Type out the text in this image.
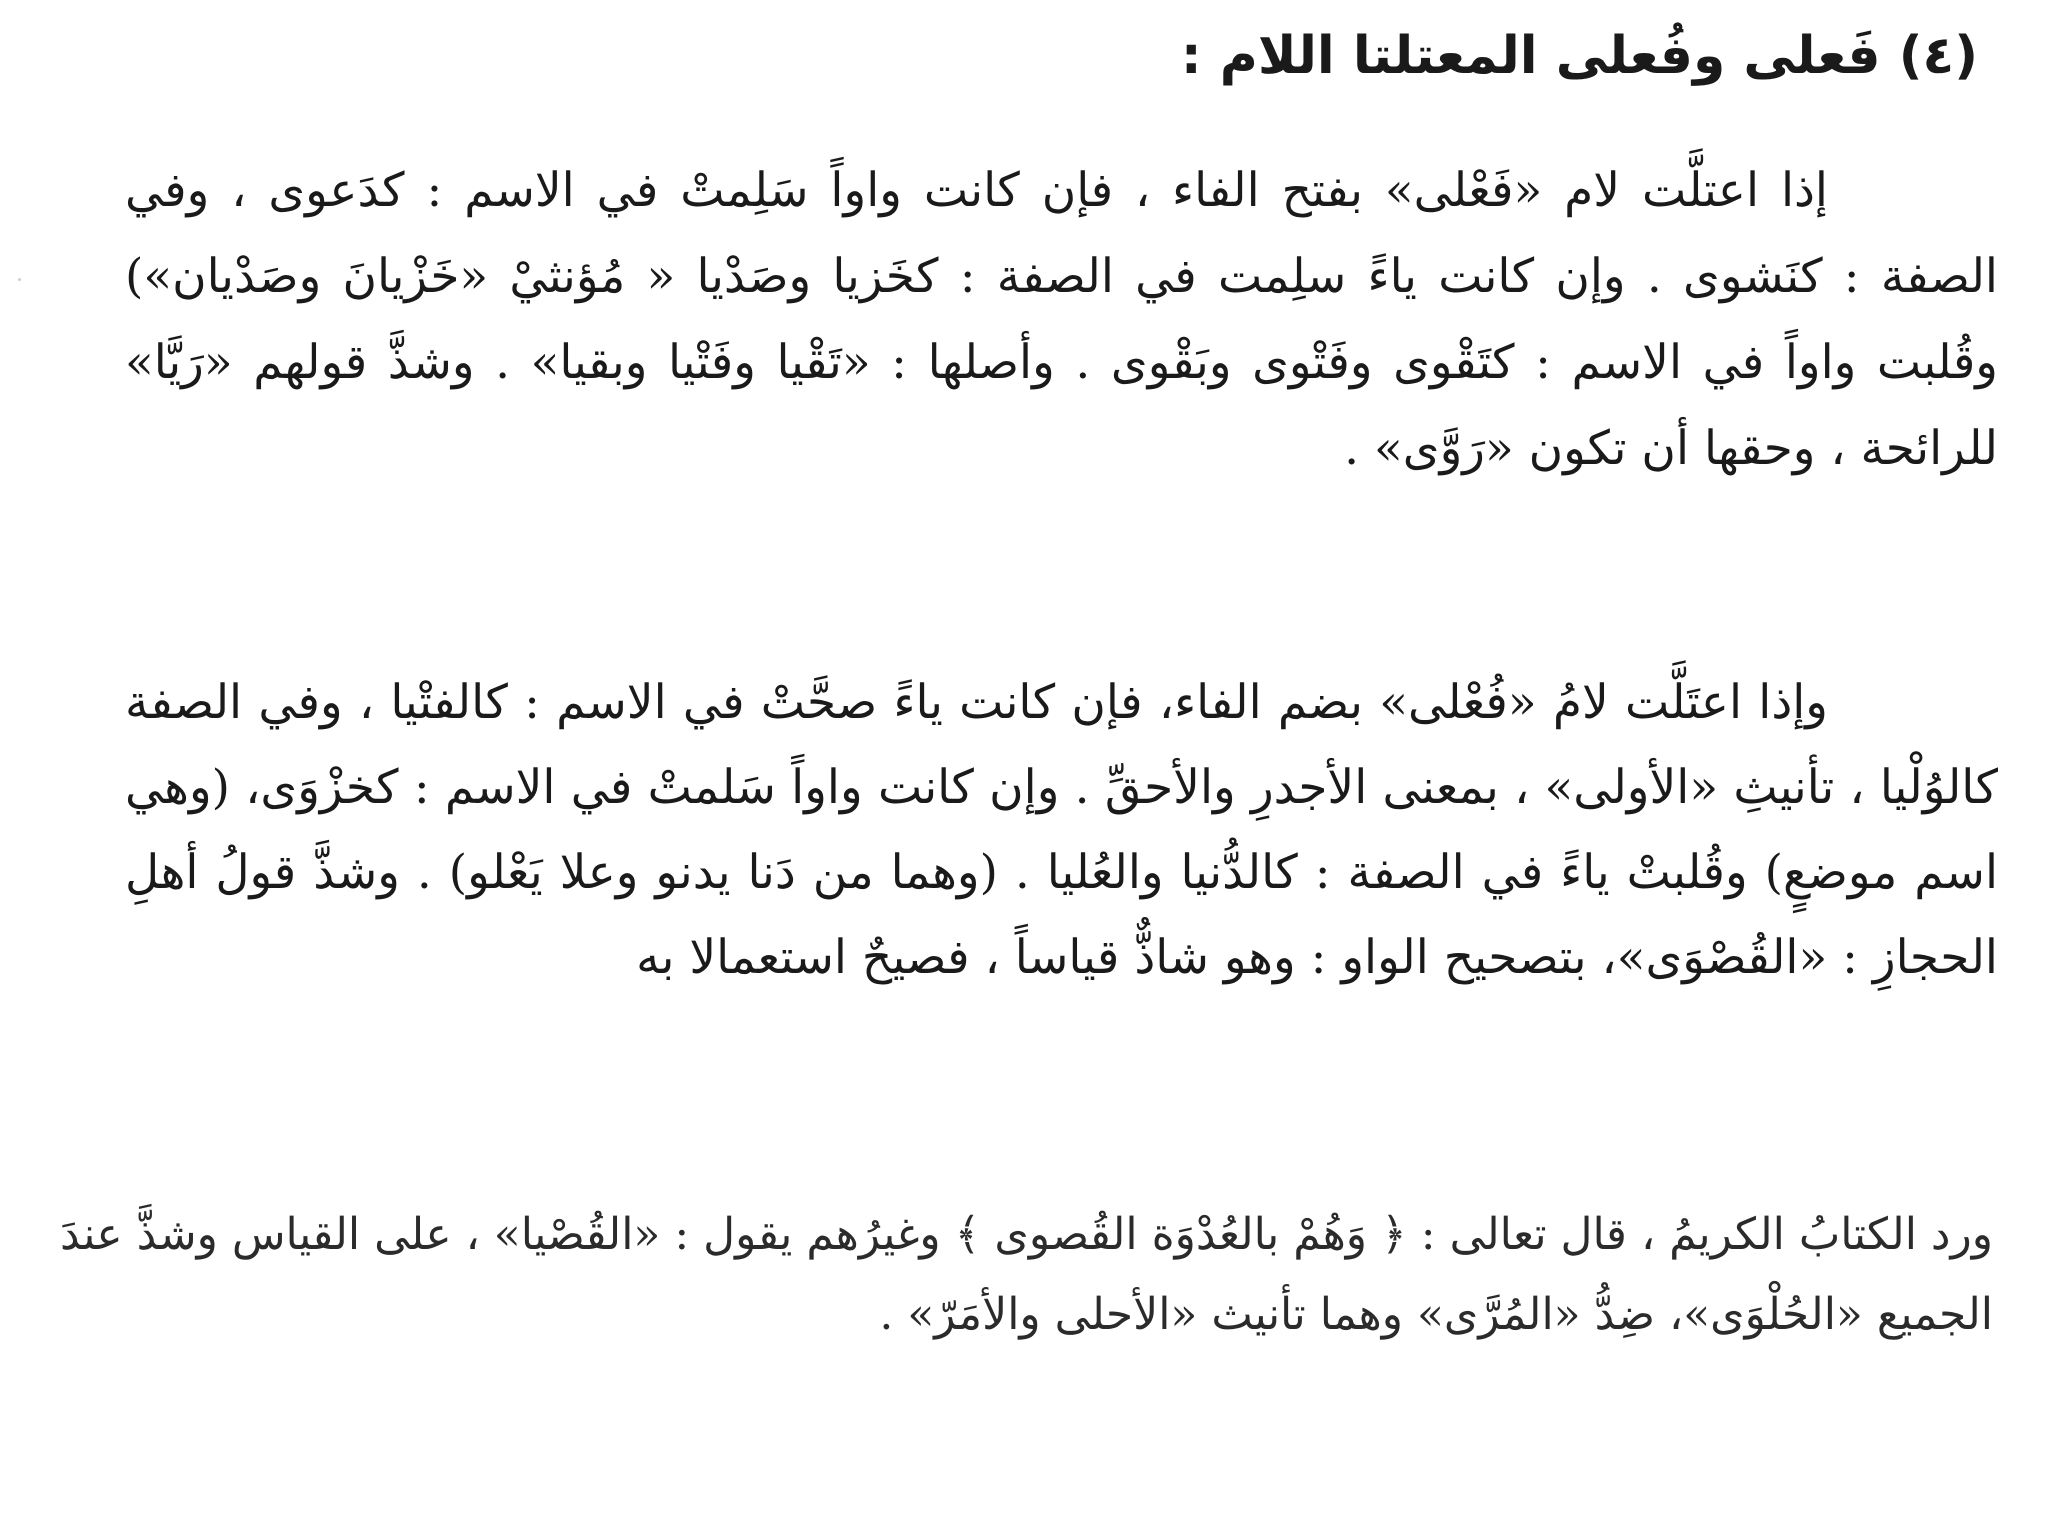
(٤) فَعلى وفُعلى المعتلتا اللام :

إذا اعتلَّت لام «فَعْلى» بفتح الفاء ، فإن كانت واواً سَلِمتْ في الاسم : كدَعوى ، وفي الصفة : كنَشوى . وإن كانت ياءً سلِمت في الصفة : كخَزيا وصَدْيا « مُؤنثيْ «خَزْيانَ وصَدْيان») وقُلبت واواً في الاسم : كتَقْوى وفَتْوى وبَقْوى . وأصلها : «تَقْيا وفَتْيا وبقيا» . وشذَّ قولهم «رَيَّا» للرائحة ، وحقها أن تكون «رَوَّى» .

وإذا اعتَلَّت لامُ «فُعْلى» بضم الفاء، فإن كانت ياءً صحَّتْ في الاسم : كالفتْيا ، وفي الصفة كالوُلْيا ، تأنيثِ «الأولى» ، بمعنى الأجدرِ والأحقِّ . وإن كانت واواً سَلمتْ في الاسم : كخزْوَى، (وهي اسم موضعٍ) وقُلبتْ ياءً في الصفة : كالدُّنيا والعُليا . (وهما من دَنا يدنو وعلا يَعْلو) . وشذَّ قولُ أهلِ الحجازِ : «القُصْوَى»، بتصحيح الواو : وهو شاذٌّ قياساً ، فصيحٌ استعمالا به

ورد الكتابُ الكريمُ ، قال تعالى : ﴿ وَهُمْ بالعُدْوَة القُصوى ﴾ وغيرُهم يقول : «القُصْيا» ، على القياس وشذَّ عندَ الجميع «الحُلْوَى»، ضِدُّ «المُرَّى» وهما تأنيث «الأحلى والأمَرّ» .
